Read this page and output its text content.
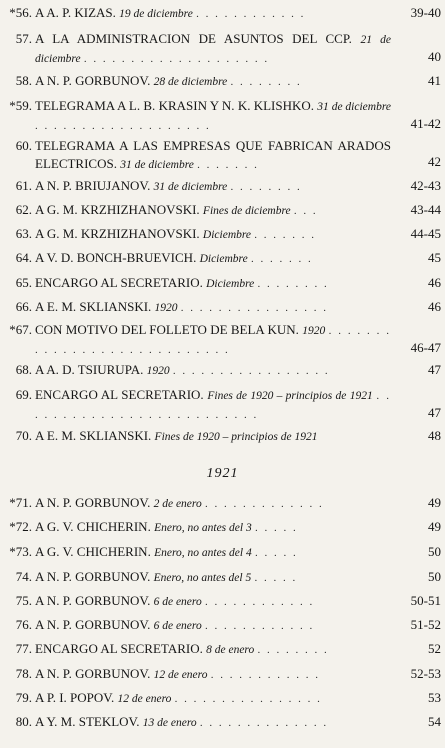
*56. A A. P. KIZAS. 19 de diciembre . . . . . . . . . . . .	39-40
57. A LA ADMINISTRACION DE ASUNTOS DEL CCP. 21 de diciembre . . . . . . . . . . . . . . . . . . . .	40
58. A N. P. GORBUNOV. 28 de diciembre . . . . . . . .	41
*59. TELEGRAMA A L. B. KRASIN Y N. K. KLISHKO. 31 de diciembre . . . . . . . . . . . . . . . . . . .	41-42
60. TELEGRAMA A LAS EMPRESAS QUE FABRICAN ARADOS ELECTRICOS. 31 de diciembre . . . . . . .	42
61. A N. P. BRIUJANOV. 31 de diciembre . . . . . . . .	42-43
62. A G. M. KRZHIZHANOVSKI. Fines de diciembre . . .	43-44
63. A G. M. KRZHIZHANOVSKI. Diciembre . . . . . . .	44-45
64. A V. D. BONCH-BRUEVICH. Diciembre . . . . . . .	45
65. ENCARGO AL SECRETARIO. Diciembre . . . . . . . .	46
66. A E. M. SKLIANSKI. 1920 . . . . . . . . . . . . . . . .	46
*67. CON MOTIVO DEL FOLLETO DE BELA KUN. 1920 . . . . . . . . . . . . . . . . . . . . . . . . . . . .	46-47
68. A A. D. TSIURUPA. 1920 . . . . . . . . . . . . . . . . .	47
69. ENCARGO AL SECRETARIO. Fines de 1920 – principios de 1921 . . . . . . . . . . . . . . . . . . . . . . . . . .	47
70. A E. M. SKLIANSKI. Fines de 1920 – principios de 1921	48
1921
*71. A N. P. GORBUNOV. 2 de enero . . . . . . . . . . . . .	49
*72. A G. V. CHICHERIN. Enero, no antes del 3 . . . . .	49
*73. A G. V. CHICHERIN. Enero, no antes del 4 . . . . .	50
74. A N. P. GORBUNOV. Enero, no antes del 5 . . . . .	50
75. A N. P. GORBUNOV. 6 de enero . . . . . . . . . . . .	50-51
76. A N. P. GORBUNOV. 6 de enero . . . . . . . . . . . .	51-52
77. ENCARGO AL SECRETARIO. 8 de enero . . . . . . . .	52
78. A N. P. GORBUNOV. 12 de enero . . . . . . . . . . . .	52-53
79. A P. I. POPOV. 12 de enero . . . . . . . . . . . . . . . .	53
80. A Y. M. STEKLOV. 13 de enero . . . . . . . . . . . . . .	54
